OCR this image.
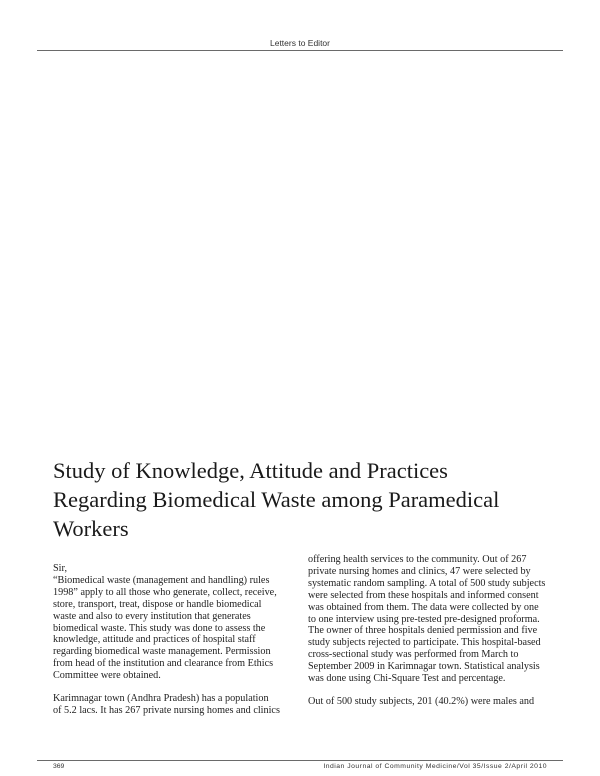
Letters to Editor
Study of Knowledge, Attitude and Practices
Regarding Biomedical Waste among Paramedical
Workers

Sir,

“Biomedical waste (management and handling) rules
1998” apply to all those who generate, collect, receive,
store, transport, treat, dispose or handle biomedical
waste and also to every institution that generates
biomedical waste. This study was done to assess the
knowledge, attitude and practices of hospital staff
regarding biomedical waste management. Permission
from head of the institution and clearance from Ethics
Committee were obtained.

Karimnagar town (Andhra Pradesh) has a population
of 5.2 lacs. It has 267 private nursing homes and clinics

offering health services to the community. Out of 267
private nursing homes and clinics, 47 were selected by
systematic random sampling. A total of 500 study subjects
were selected from these hospitals and informed consent
was obtained from them. The data were collected by one
to one interview using pre-tested pre-designed proforma.
The owner of three hospitals denied permission and five
study subjects rejected to participate. This hospital-based
cross-sectional study was performed from March to
September 2009 in Karimnagar town. Statistical analysis
was done using Chi-Square Test and percentage.

Out of 500 study subjects, 201 (40.2%) were males and

369	Indian Journal of Community Medicine/Vol 35/Issue 2/April 2010
